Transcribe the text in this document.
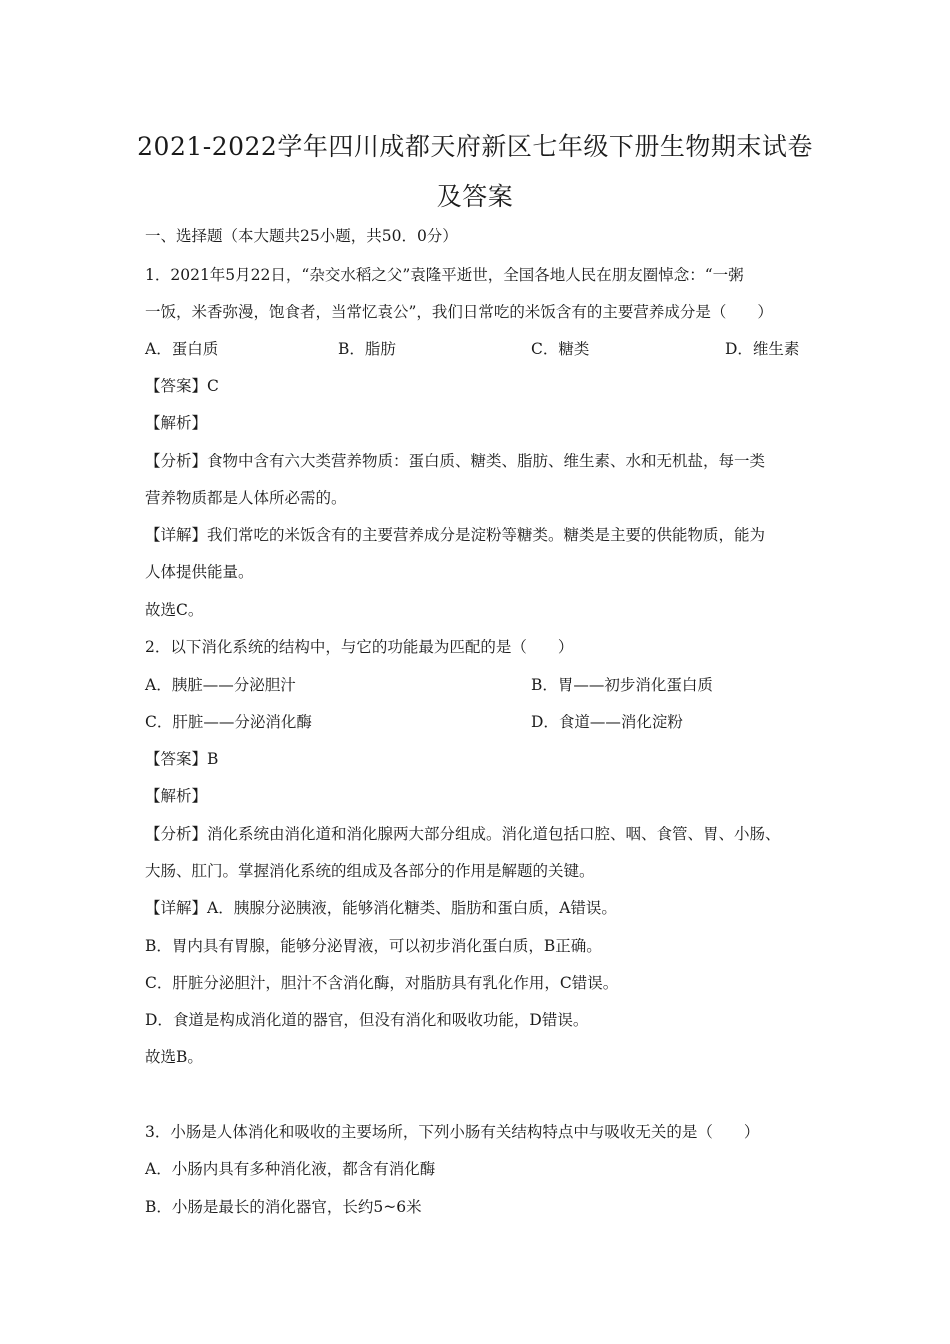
2021-2022学年四川成都天府新区七年级下册生物期末试卷
及答案
一、选择题（本大题共25小题，共50．0分）
1．2021年5月22日，“杂交水稻之父”袁隆平逝世，全国各地人民在朋友圈悼念：“一粥
一饭，米香弥漫，饱食者，当常忆袁公”，我们日常吃的米饭含有的主要营养成分是（　　）
A．蛋白质	B．脂肪	C．糖类	D．维生素
【答案】C
【解析】
【分析】食物中含有六大类营养物质：蛋白质、糖类、脂肪、维生素、水和无机盐，每一类
营养物质都是人体所必需的。
【详解】我们常吃的米饭含有的主要营养成分是淀粉等糖类。糖类是主要的供能物质，能为
人体提供能量。
故选C。
2．以下消化系统的结构中，与它的功能最为匹配的是（　　）
A．胰脏——分泌胆汁	B．胃——初步消化蛋白质
C．肝脏——分泌消化酶	D．食道——消化淀粉
【答案】B
【解析】
【分析】消化系统由消化道和消化腺两大部分组成。消化道包括口腔、咽、食管、胃、小肠、
大肠、肛门。掌握消化系统的组成及各部分的作用是解题的关键。
【详解】A．胰腺分泌胰液，能够消化糖类、脂肪和蛋白质，A错误。
B．胃内具有胃腺，能够分泌胃液，可以初步消化蛋白质，B正确。
C．肝脏分泌胆汁，胆汁不含消化酶，对脂肪具有乳化作用，C错误。
D．食道是构成消化道的器官，但没有消化和吸收功能，D错误。
故选B。
3．小肠是人体消化和吸收的主要场所，下列小肠有关结构特点中与吸收无关的是（　　）
A．小肠内具有多种消化液，都含有消化酶
B．小肠是最长的消化器官，长约5~6米
